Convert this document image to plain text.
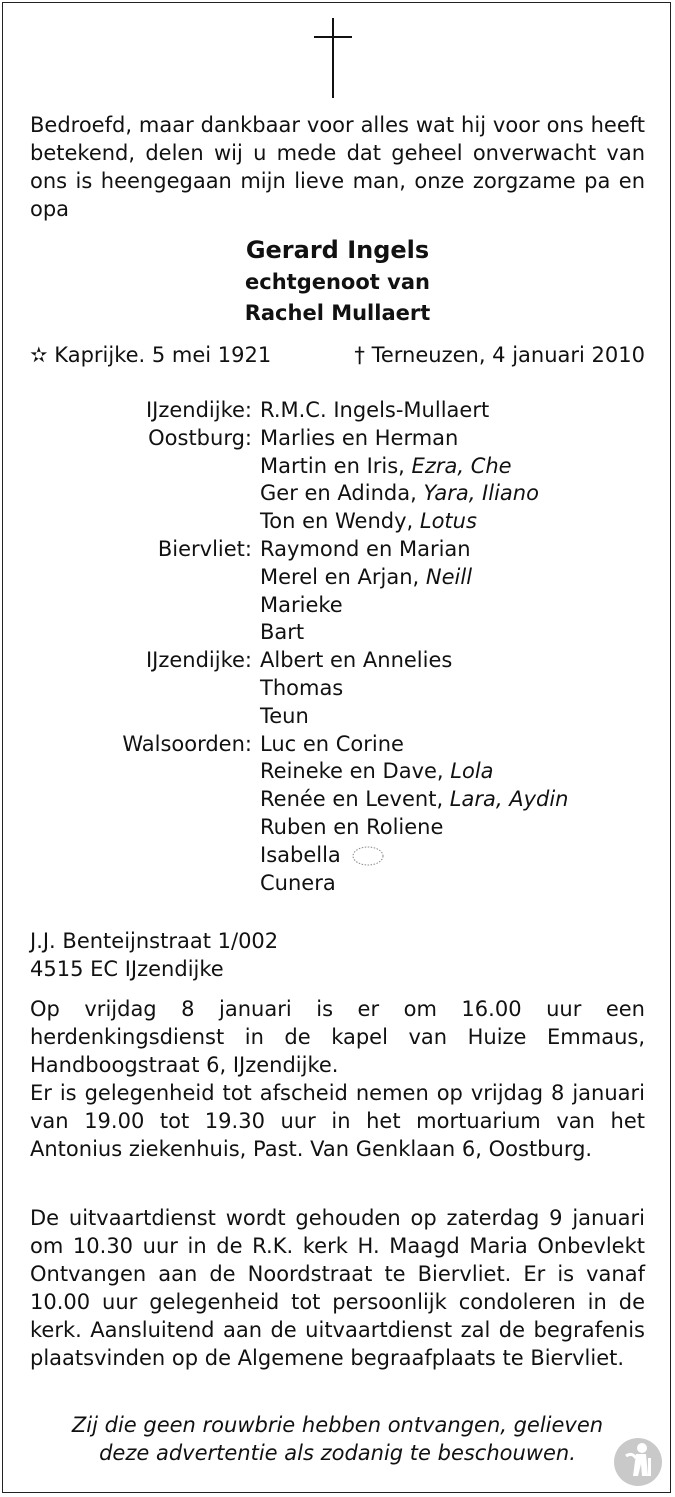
Bedroefd, maar dankbaar voor alles wat hij voor ons heeft betekend, delen wij u mede dat geheel onverwacht van ons is heengegaan mijn lieve man, onze zorgzame pa en opa
Gerard Ingels
echtgenoot van
Rachel Mullaert
✫ Kaprijke. 5 mei 1921	† Terneuzen, 4 januari 2010
IJzendijke: R.M.C. Ingels-Mullaert
Oostburg: Marlies en Herman
Martin en Iris, Ezra, Che
Ger en Adinda, Yara, Iliano
Ton en Wendy, Lotus
Biervliet: Raymond en Marian
Merel en Arjan, Neill
Marieke
Bart
IJzendijke: Albert en Annelies
Thomas
Teun
Walsoorden: Luc en Corine
Reineke en Dave, Lola
Renée en Levent, Lara, Aydin
Ruben en Roliene
Isabella
Cunera
J.J. Benteijnstraat 1/002
4515 EC IJzendijke
Op vrijdag 8 januari is er om 16.00 uur een herdenkingsdienst in de kapel van Huize Emmaus, Handboogstraat 6, IJzendijke.
Er is gelegenheid tot afscheid nemen op vrijdag 8 januari van 19.00 tot 19.30 uur in het mortuarium van het Antonius ziekenhuis, Past. Van Genklaan 6, Oostburg.
De uitvaartdienst wordt gehouden op zaterdag 9 januari om 10.30 uur in de R.K. kerk H. Maagd Maria Onbevlekt Ontvangen aan de Noordstraat te Biervliet. Er is vanaf 10.00 uur gelegenheid tot persoonlijk condoleren in de kerk. Aansluitend aan de uitvaartdienst zal de begrafenis plaatsvinden op de Algemene begraafplaats te Biervliet.
Zij die geen rouwbrie hebben ontvangen, gelieven
deze advertentie als zodanig te beschouwen.
